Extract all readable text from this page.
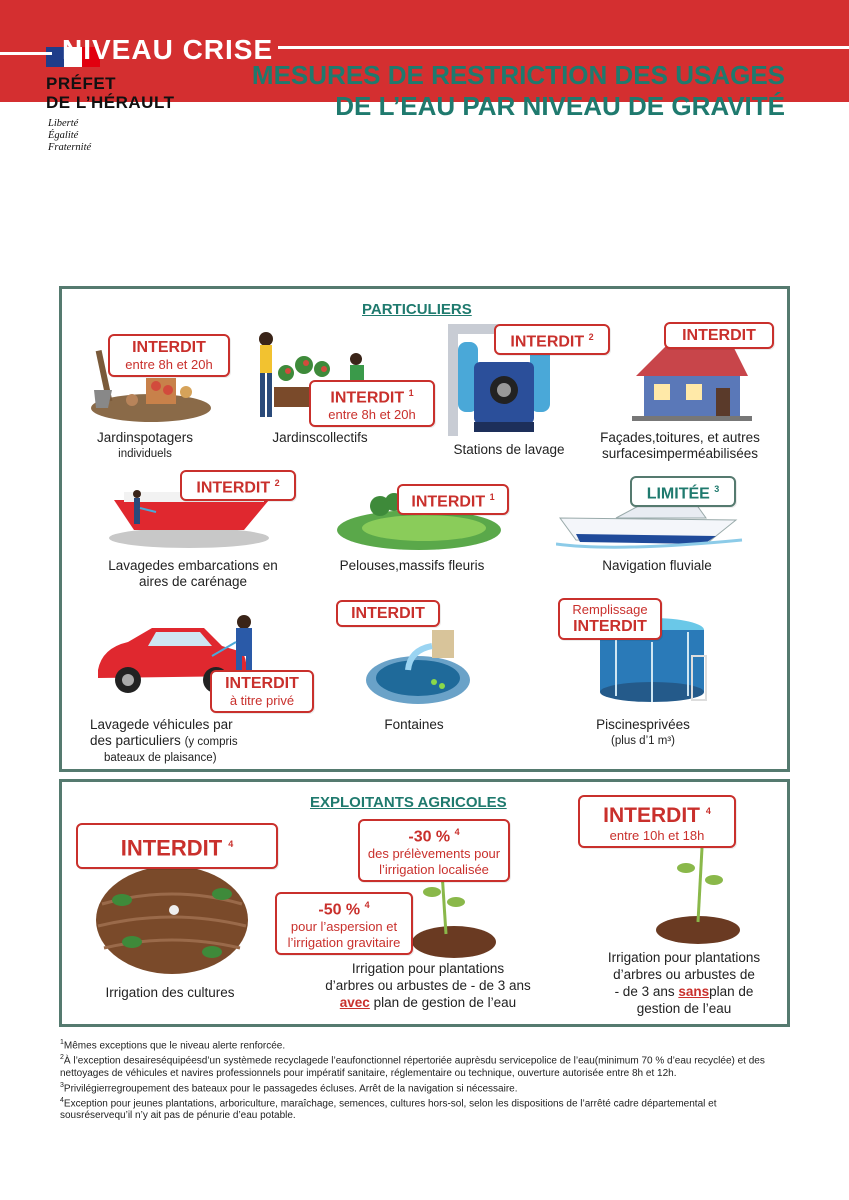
PRÉFET
DE L’HÉRAULT
Liberté
Égalité
Fraternité
MESURES DE RESTRICTION DES USAGES
DE L’EAU PAR NIVEAU DE GRAVITÉ
NIVEAU CRISE
PARTICULIERS
INTERDIT
entre 8h et 20h
Jardinspotagers
individuels
INTERDIT $^1$
entre 8h et 20h
Jardinscollectifs
INTERDIT $^2$
Stations de lavage
INTERDIT
Façades,toitures, et autres
surfacesimperméabilisées
INTERDIT $^2$
Lavagedes embarcations en
aires de carénage
INTERDIT $^1$
Pelouses,massifs fleuris
LIMITÉE $^3$
Navigation fluviale
INTERDIT
à titre privé
Lavagede véhicules par
des particuliers (y compris
bateaux de plaisance)
INTERDIT
Fontaines
Remplissage
INTERDIT
Piscinesprivées
(plus d’1 m³)
EXPLOITANTS AGRICOLES
INTERDIT $^4$
Irrigation des cultures
-30 % $^4$
des prélèvements pour
l’irrigation localisée
-50 % $^4$
pour l’aspersion et
l’irrigation gravitaire
Irrigation pour plantations
d’arbres ou arbustes de - de 3 ans
avec plan de gestion de l’eau
INTERDIT $^4$
entre 10h et 18h
Irrigation pour plantations
d’arbres ou arbustes de
- de 3 ans sansplan de
gestion de l’eau

$^1$Mêmes exceptions que le niveau alerte renforcée.

$^2$À l’exception desaireséquipéesd’un systèmede recyclagede l’eaufonctionnel répertoriée auprèsdu servicepolice de l’eau(minimum 70 % d’eau recyclée) et des nettoyages de véhicules et navires professionnels pour impératif sanitaire, réglementaire ou technique, ouverture autorisée entre 8h et 12h.

$^3$Privilégierregroupement des bateaux pour le passagedes écluses. Arrêt de la navigation si nécessaire.

$^4$Exception pour jeunes plantations, arboriculture, maraîchage, semences, cultures hors-sol, selon les dispositions de l’arrêté cadre départemental et sousréservequ’il n’y ait pas de pénurie d’eau potable.
